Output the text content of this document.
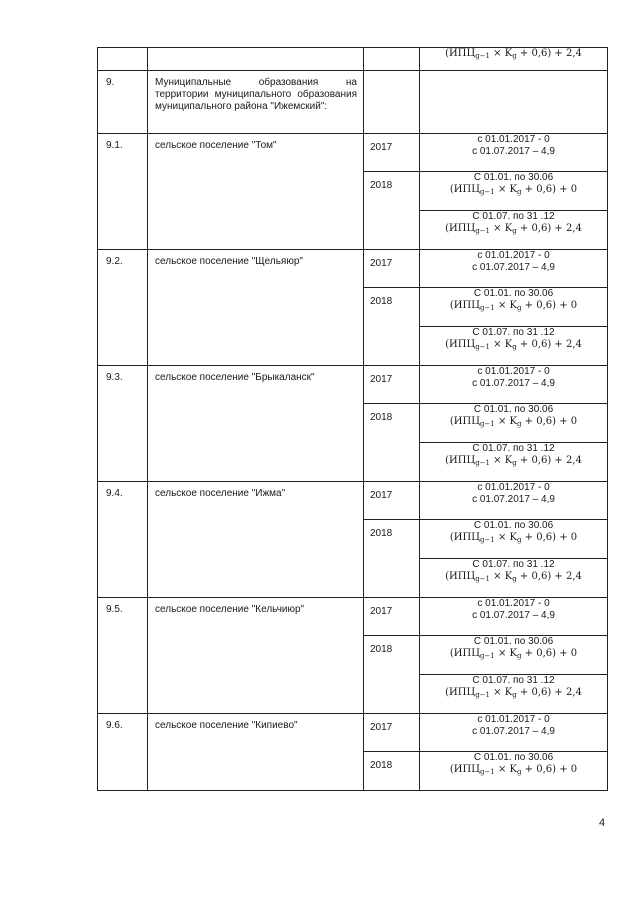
			$(ИПЦ_{g-1} \times K_g + 0,6) + 2,4$

9.	Муниципальные образования на территории муниципального образования муниципального района "Ижемский":		

9.1.	сельское поселение "Том"	2017	с 01.01.2017 - 0
с 01.07.2017 – 4,9

		2018	С 01.01. по 30.06
$(ИПЦ_{g-1} \times K_g + 0,6) + 0$

			С 01.07. по 31 .12
$(ИПЦ_{g-1} \times K_g + 0,6) + 2,4$

9.2.	сельское поселение "Щельяюр"	2017	с 01.01.2017 - 0
с 01.07.2017 – 4,9

		2018	С 01.01. по 30.06
$(ИПЦ_{g-1} \times K_g + 0,6) + 0$

			С 01.07. по 31 .12
$(ИПЦ_{g-1} \times K_g + 0,6) + 2,4$

9.3.	сельское поселение "Брыкаланск"	2017	с 01.01.2017 - 0
с 01.07.2017 – 4,9

		2018	С 01.01. по 30.06
$(ИПЦ_{g-1} \times K_g + 0,6) + 0$

			С 01.07. по 31 .12
$(ИПЦ_{g-1} \times K_g + 0,6) + 2,4$

9.4.	сельское поселение "Ижма"	2017	с 01.01.2017 - 0
с 01.07.2017 – 4,9

		2018	С 01.01. по 30.06
$(ИПЦ_{g-1} \times K_g + 0,6) + 0$

			С 01.07. по 31 .12
$(ИПЦ_{g-1} \times K_g + 0,6) + 2,4$

9.5.	сельское поселение "Кельчиюр"	2017	с 01.01.2017 - 0
с 01.07.2017 – 4,9

		2018	С 01.01. по 30.06
$(ИПЦ_{g-1} \times K_g + 0,6) + 0$

			С 01.07. по 31 .12
$(ИПЦ_{g-1} \times K_g + 0,6) + 2,4$

9.6.	сельское поселение "Кипиево"	2017	с 01.01.2017 - 0
с 01.07.2017 – 4,9

		2018	С 01.01. по 30.06
$(ИПЦ_{g-1} \times K_g + 0,6) + 0$
4
